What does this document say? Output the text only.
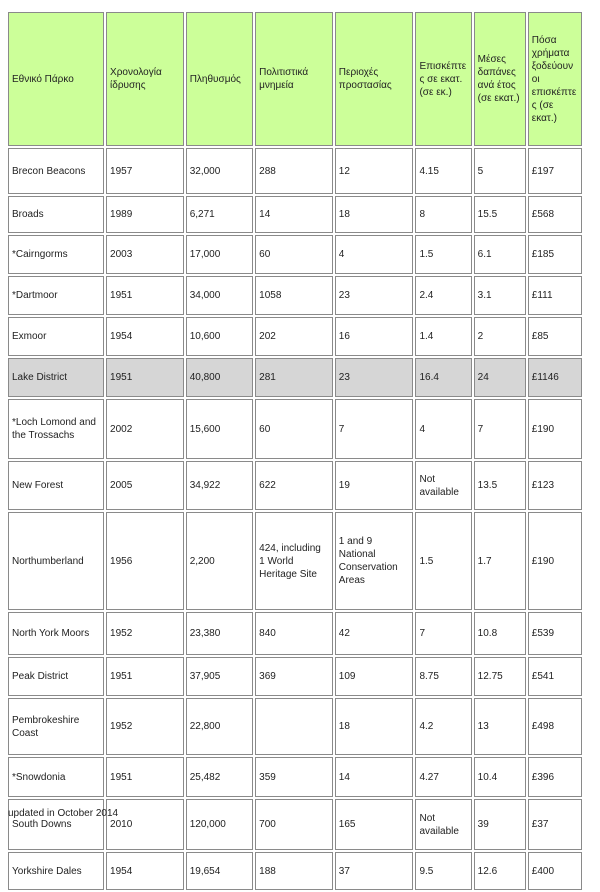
Εθνικό Πάρκο	Χρονολογία ίδρυσης	Πληθυσμός	Πολιτιστικά μνημεία	Περιοχές προστασίας	Επισκέπτες σε εκατ. (σε εκ.)	Μέσες δαπάνες ανά έτος (σε εκατ.)	Πόσα χρήματα ξοδεύουν οι επισκέπτες (σε εκατ.)
Brecon Beacons	1957	32,000	288	12	4.15	5	£197
Broads	1989	6,271	14	18	8	15.5	£568
*Cairngorms	2003	17,000	60	4	1.5	6.1	£185
*Dartmoor	1951	34,000	1058	23	2.4	3.1	£111
Exmoor	1954	10,600	202	16	1.4	2	£85
Lake District	1951	40,800	281	23	16.4	24	£1146
*Loch Lomond and the Trossachs	2002	15,600	60	7	4	7	£190
New Forest	2005	34,922	622	19	Not available	13.5	£123
Northumberland	1956	2,200	424, including 1 World Heritage Site	1 and 9 National Conservation Areas	1.5	1.7	£190
North York Moors	1952	23,380	840	42	7	10.8	£539
Peak District	1951	37,905	369	109	8.75	12.75	£541
Pembrokeshire Coast	1952	22,800		18	4.2	13	£498
*Snowdonia	1951	25,482	359	14	4.27	10.4	£396
South Downs	2010	120,000	700	165	Not available	39	£37
Yorkshire Dales	1954	19,654	188	37	9.5	12.6	£400
updated in October 2014
